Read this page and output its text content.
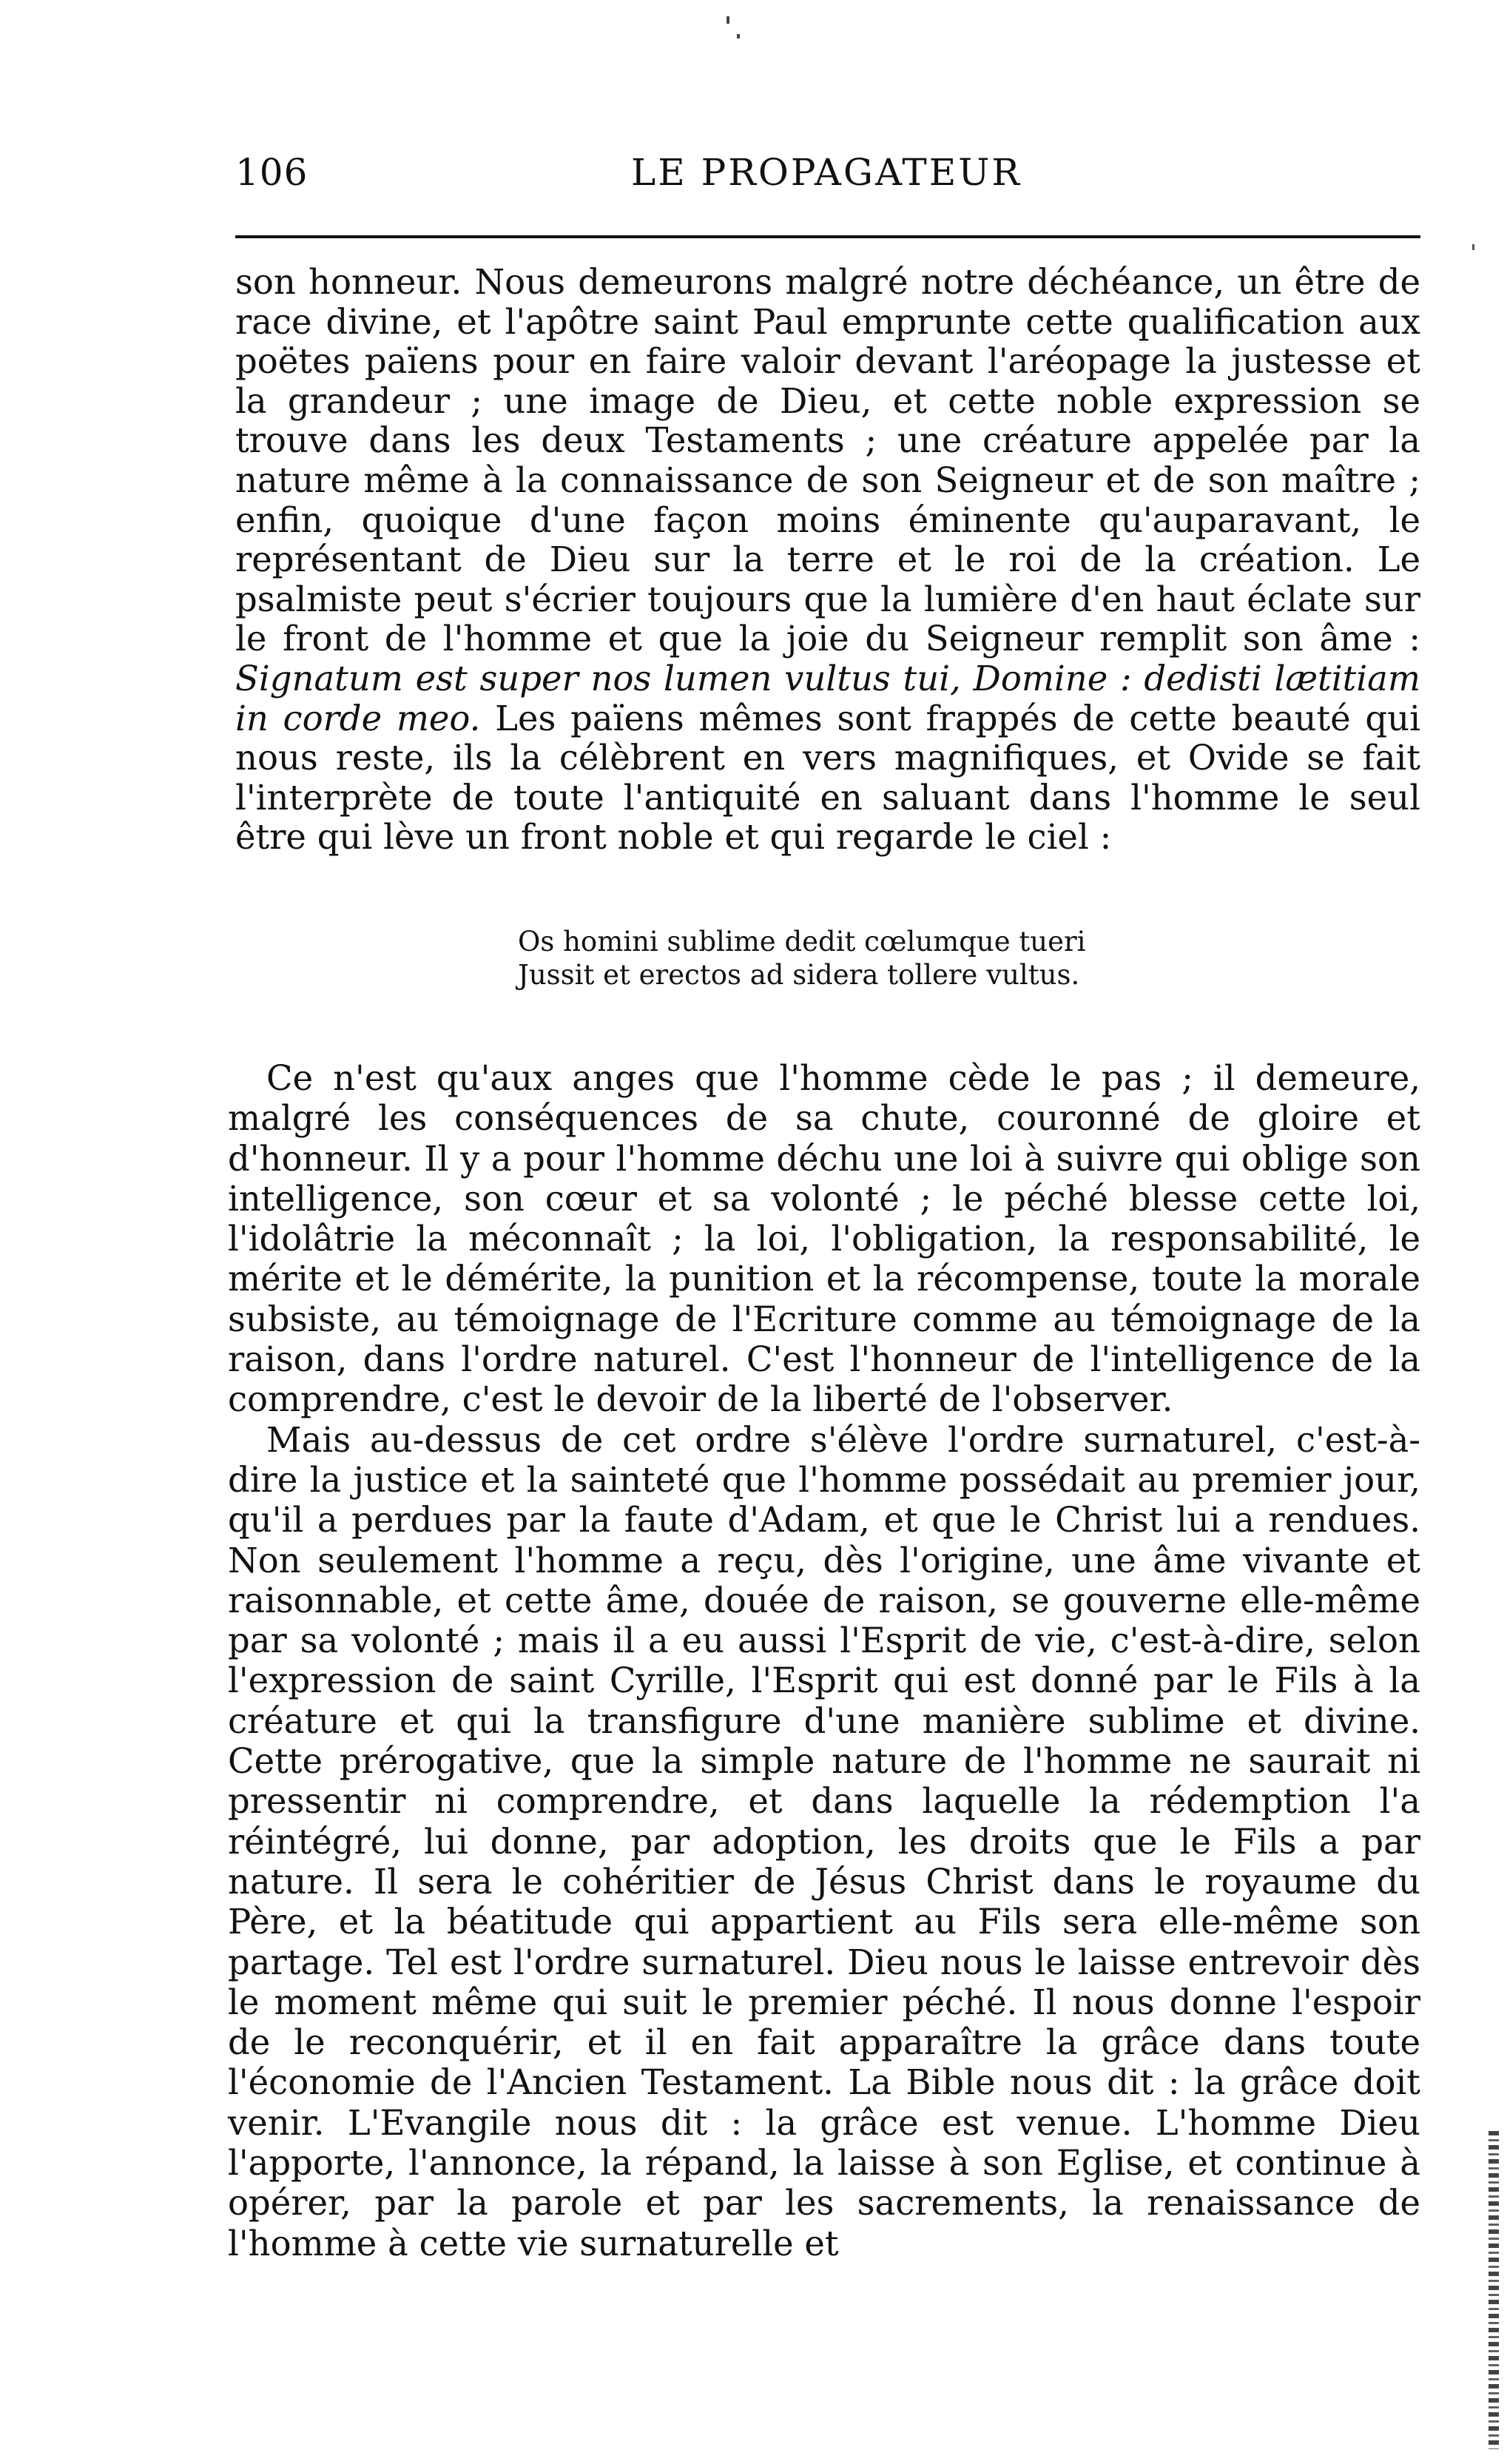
106	LE PROPAGATEUR

son honneur. Nous demeurons malgré notre déchéance, un être de race divine, et l'apôtre saint Paul emprunte cette qualification aux poëtes païens pour en faire valoir devant l'aréopage la justesse et la grandeur ; une image de Dieu, et cette noble expression se trouve dans les deux Testaments ; une créature appelée par la nature même à la connaissance de son Seigneur et de son maître ; enfin, quoique d'une façon moins éminente qu'auparavant, le représentant de Dieu sur la terre et le roi de la création. Le psalmiste peut s'écrier toujours que la lumière d'en haut éclate sur le front de l'homme et que la joie du Seigneur remplit son âme : Signatum est super nos lumen vultus tui, Domine : dedisti lætitiam in corde meo. Les païens mêmes sont frappés de cette beauté qui nous reste, ils la célèbrent en vers magnifiques, et Ovide se fait l'interprète de toute l'antiquité en saluant dans l'homme le seul être qui lève un front noble et qui regarde le ciel :

Os homini sublime dedit cœlumque tueri
Jussit et erectos ad sidera tollere vultus.

Ce n'est qu'aux anges que l'homme cède le pas ; il demeure, malgré les conséquences de sa chute, couronné de gloire et d'honneur. Il y a pour l'homme déchu une loi à suivre qui oblige son intelligence, son cœur et sa volonté ; le péché blesse cette loi, l'idolâtrie la méconnaît ; la loi, l'obligation, la responsabilité, le mérite et le démérite, la punition et la récompense, toute la morale subsiste, au témoignage de l'Ecriture comme au témoignage de la raison, dans l'ordre naturel. C'est l'honneur de l'intelligence de la comprendre, c'est le devoir de la liberté de l'observer.

Mais au-dessus de cet ordre s'élève l'ordre surnaturel, c'est-à-dire la justice et la sainteté que l'homme possédait au premier jour, qu'il a perdues par la faute d'Adam, et que le Christ lui a rendues. Non seulement l'homme a reçu, dès l'origine, une âme vivante et raisonnable, et cette âme, douée de raison, se gouverne elle-même par sa volonté ; mais il a eu aussi l'Esprit de vie, c'est-à-dire, selon l'expression de saint Cyrille, l'Esprit qui est donné par le Fils à la créature et qui la transfigure d'une manière sublime et divine. Cette prérogative, que la simple nature de l'homme ne saurait ni pressentir ni comprendre, et dans laquelle la rédemption l'a réintégré, lui donne, par adoption, les droits que le Fils a par nature. Il sera le cohéritier de Jésus Christ dans le royaume du Père, et la béatitude qui appartient au Fils sera elle-même son partage. Tel est l'ordre surnaturel. Dieu nous le laisse entrevoir dès le moment même qui suit le premier péché. Il nous donne l'espoir de le reconquérir, et il en fait apparaître la grâce dans toute l'économie de l'Ancien Testament. La Bible nous dit : la grâce doit venir. L'Evangile nous dit : la grâce est venue. L'homme Dieu l'apporte, l'annonce, la répand, la laisse à son Eglise, et continue à opérer, par la parole et par les sacrements, la renaissance de l'homme à cette vie surnaturelle et
